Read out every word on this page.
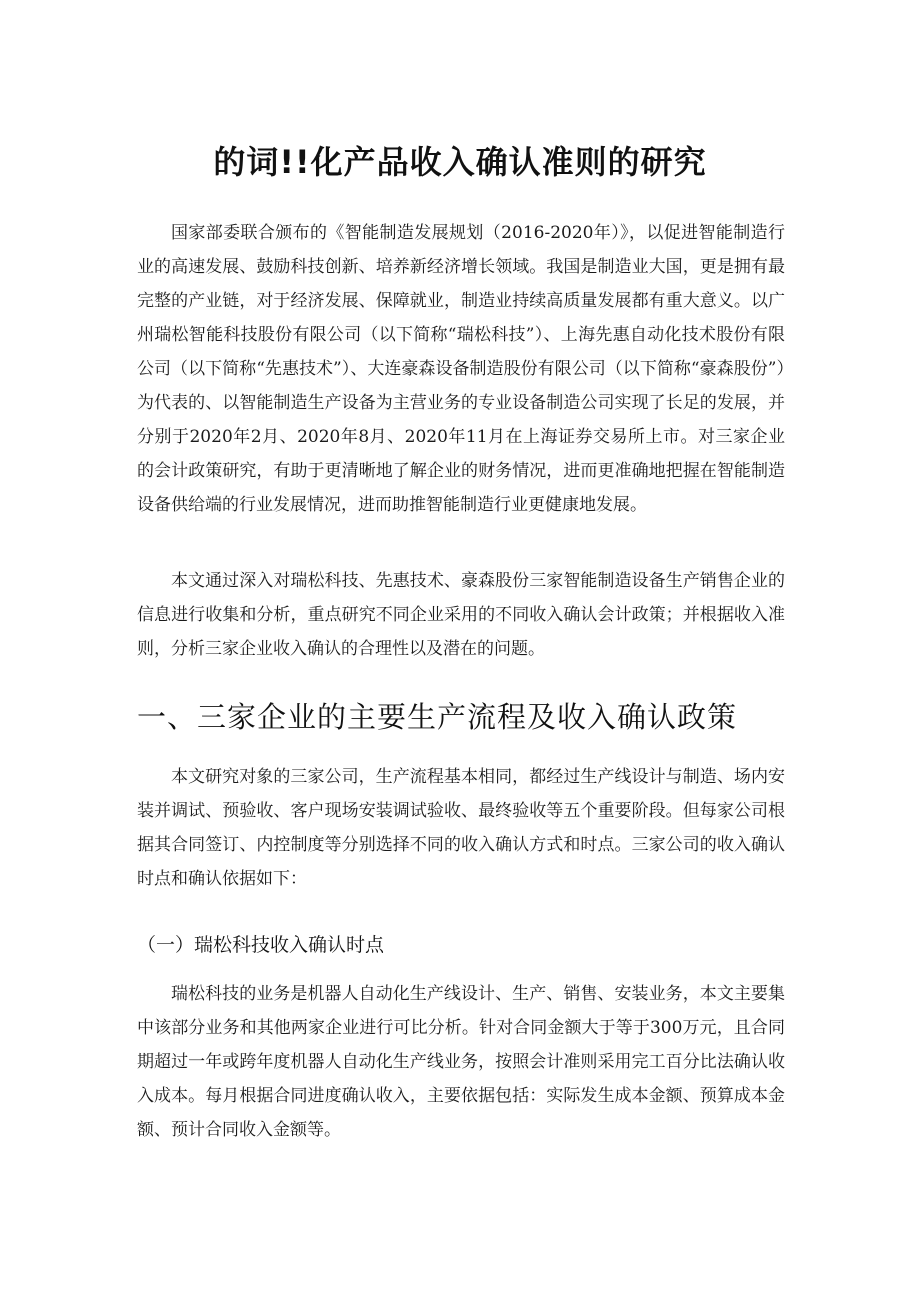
的词!!化产品收入确认准则的研究

国家部委联合颁布的《智能制造发展规划（2016-2020年）》，以促进智能制造行业的高速发展、鼓励科技创新、培养新经济增长领域。我国是制造业大国，更是拥有最完整的产业链，对于经济发展、保障就业，制造业持续高质量发展都有重大意义。以广州瑞松智能科技股份有限公司（以下简称“瑞松科技”）、上海先惠自动化技术股份有限公司（以下简称“先惠技术”）、大连豪森设备制造股份有限公司（以下简称“豪森股份”）为代表的、以智能制造生产设备为主营业务的专业设备制造公司实现了长足的发展，并分别于2020年2月、2020年8月、2020年11月在上海证券交易所上市。对三家企业的会计政策研究，有助于更清晰地了解企业的财务情况，进而更准确地把握在智能制造设备供给端的行业发展情况，进而助推智能制造行业更健康地发展。

本文通过深入对瑞松科技、先惠技术、豪森股份三家智能制造设备生产销售企业的信息进行收集和分析，重点研究不同企业采用的不同收入确认会计政策；并根据收入准则，分析三家企业收入确认的合理性以及潜在的问题。

一、三家企业的主要生产流程及收入确认政策

本文研究对象的三家公司，生产流程基本相同，都经过生产线设计与制造、场内安装并调试、预验收、客户现场安装调试验收、最终验收等五个重要阶段。但每家公司根据其合同签订、内控制度等分别选择不同的收入确认方式和时点。三家公司的收入确认时点和确认依据如下：

（一）瑞松科技收入确认时点

瑞松科技的业务是机器人自动化生产线设计、生产、销售、安装业务，本文主要集中该部分业务和其他两家企业进行可比分析。针对合同金额大于等于300万元，且合同期超过一年或跨年度机器人自动化生产线业务，按照会计准则采用完工百分比法确认收入成本。每月根据合同进度确认收入，主要依据包括：实际发生成本金额、预算成本金额、预计合同收入金额等。
